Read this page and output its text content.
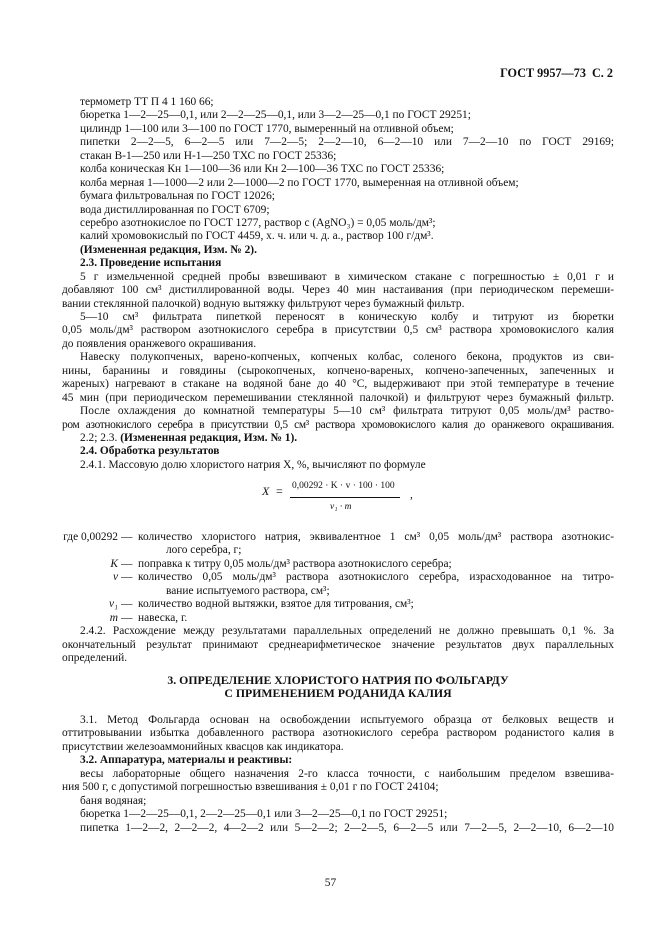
ГОСТ 9957—73  С. 2
термометр ТТ П 4 1 160 66;
бюретка 1—2—25—0,1, или 2—2—25—0,1, или 3—2—25—0,1 по ГОСТ 29251;
цилиндр 1—100 или 3—100 по ГОСТ 1770, вымеренный на отливной объем;
пипетки 2—2—5, 6—2—5 или 7—2—5; 2—2—10, 6—2—10 или 7—2—10 по ГОСТ 29169;
стакан В-1—250 или Н-1—250 ТХС по ГОСТ 25336;
колба коническая Кн 1—100—36 или Кн 2—100—36 ТХС по ГОСТ 25336;
колба мерная 1—1000—2 или 2—1000—2 по ГОСТ 1770, вымеренная на отливной объем;
бумага фильтровальная по ГОСТ 12026;
вода дистиллированная по ГОСТ 6709;
серебро азотнокислое по ГОСТ 1277, раствор c (AgNO₃) = 0,05 моль/дм³;
калий хромовокислый по ГОСТ 4459, х. ч. или ч. д. а., раствор 100 г/дм³.
(Измененная редакция, Изм. № 2).
2.3. Проведение испытания
5 г измельченной средней пробы взвешивают в химическом стакане с погрешностью ± 0,01 г и
добавляют 100 см³ дистиллированной воды. Через 40 мин настаивания (при периодическом перемеши-
вании стеклянной палочкой) водную вытяжку фильтруют через бумажный фильтр.
5—10 см³ фильтрата пипеткой переносят в коническую колбу и титруют из бюретки
0,05 моль/дм³ раствором азотнокислого серебра в присутствии 0,5 см³ раствора хромовокислого калия
до появления оранжевого окрашивания.
Навеску полукопченых, варено-копченых, копченых колбас, соленого бекона, продуктов из сви-
нины, баранины и говядины (сырокопченых, копчено-вареных, копчено-запеченных, запеченных и
жареных) нагревают в стакане на водяной бане до 40 °С, выдерживают при этой температуре в течение
45 мин (при периодическом перемешивании стеклянной палочкой) и фильтруют через бумажный фильтр.
После охлаждения до комнатной температуры 5—10 см³ фильтрата титруют 0,05 моль/дм³ раство-
ром азотнокислого серебра в присутствии 0,5 см³ раствора хромовокислого калия до оранжевого окрашивания.
2.2; 2.3. (Измененная редакция, Изм. № 1).
2.4. Обработка результатов
2.4.1. Массовую долю хлористого натрия X, %, вычисляют по формуле
X = 0,00292 · K · v · 100 · 100
v₁ · m
,
где 0,00292 — количество хлористого натрия, эквивалентное 1 см³ 0,05 моль/дм³ раствора азотнокис-
лого серебра, г;
K — поправка к титру 0,05 моль/дм³ раствора азотнокислого серебра;
v — количество 0,05 моль/дм³ раствора азотнокислого серебра, израсходованное на титро-
вание испытуемого раствора, см³;
v₁ — количество водной вытяжки, взятое для титрования, см³;
m — навеска, г.
2.4.2. Расхождение между результатами параллельных определений не должно превышать 0,1 %. За
окончательный результат принимают среднеарифметическое значение результатов двух параллельных
определений.
3. ОПРЕДЕЛЕНИЕ ХЛОРИСТОГО НАТРИЯ ПО ФОЛЬГАРДУ
С ПРИМЕНЕНИЕМ РОДАНИДА КАЛИЯ
3.1. Метод Фольгарда основан на освобождении испытуемого образца от белковых веществ и
оттитровывании избытка добавленного раствора азотнокислого серебра раствором роданистого калия в
присутствии железоаммонийных квасцов как индикатора.
3.2. Аппаратура, материалы и реактивы:
весы лабораторные общего назначения 2-го класса точности, с наибольшим пределом взвешива-
ния 500 г, с допустимой погрешностью взвешивания ± 0,01 г по ГОСТ 24104;
баня водяная;
бюретка 1—2—25—0,1, 2—2—25—0,1 или 3—2—25—0,1 по ГОСТ 29251;
пипетка 1—2—2, 2—2—2, 4—2—2 или 5—2—2; 2—2—5, 6—2—5 или 7—2—5, 2—2—10, 6—2—10
57
